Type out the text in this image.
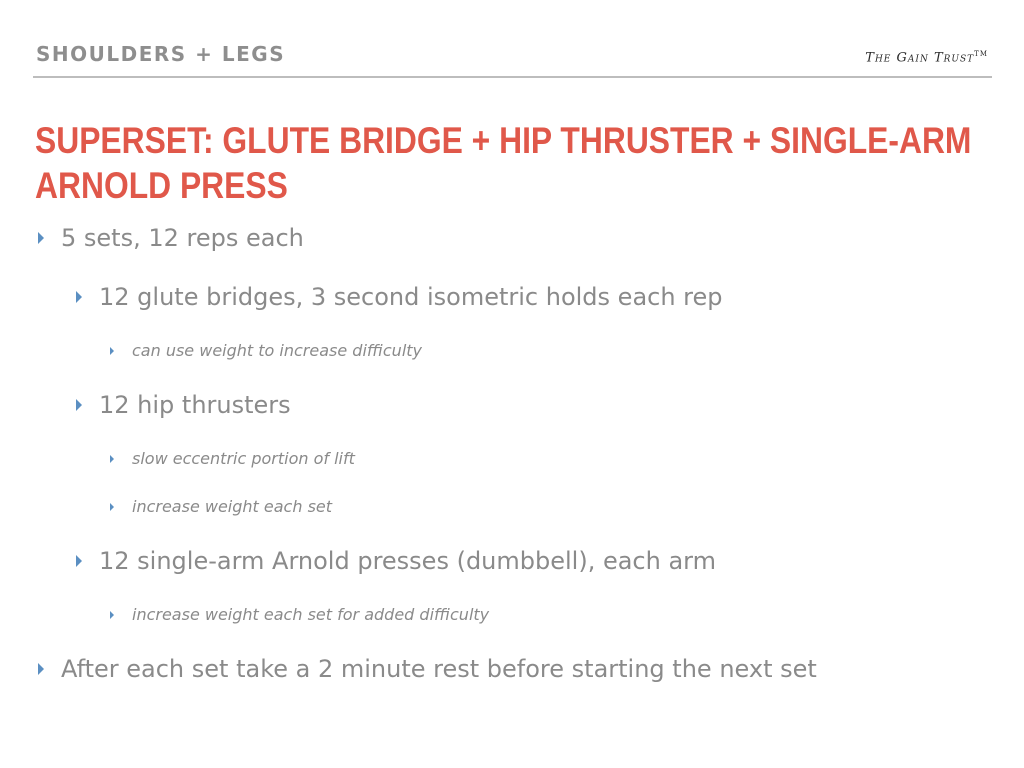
SHOULDERS + LEGS	The Gain Trust™
SUPERSET: GLUTE BRIDGE + HIP THRUSTER + SINGLE-ARM ARNOLD PRESS
5 sets, 12 reps each
12 glute bridges, 3 second isometric holds each rep
can use weight to increase difficulty
12 hip thrusters
slow eccentric portion of lift
increase weight each set
12 single-arm Arnold presses (dumbbell), each arm
increase weight each set for added difficulty
After each set take a 2 minute rest before starting the next set
